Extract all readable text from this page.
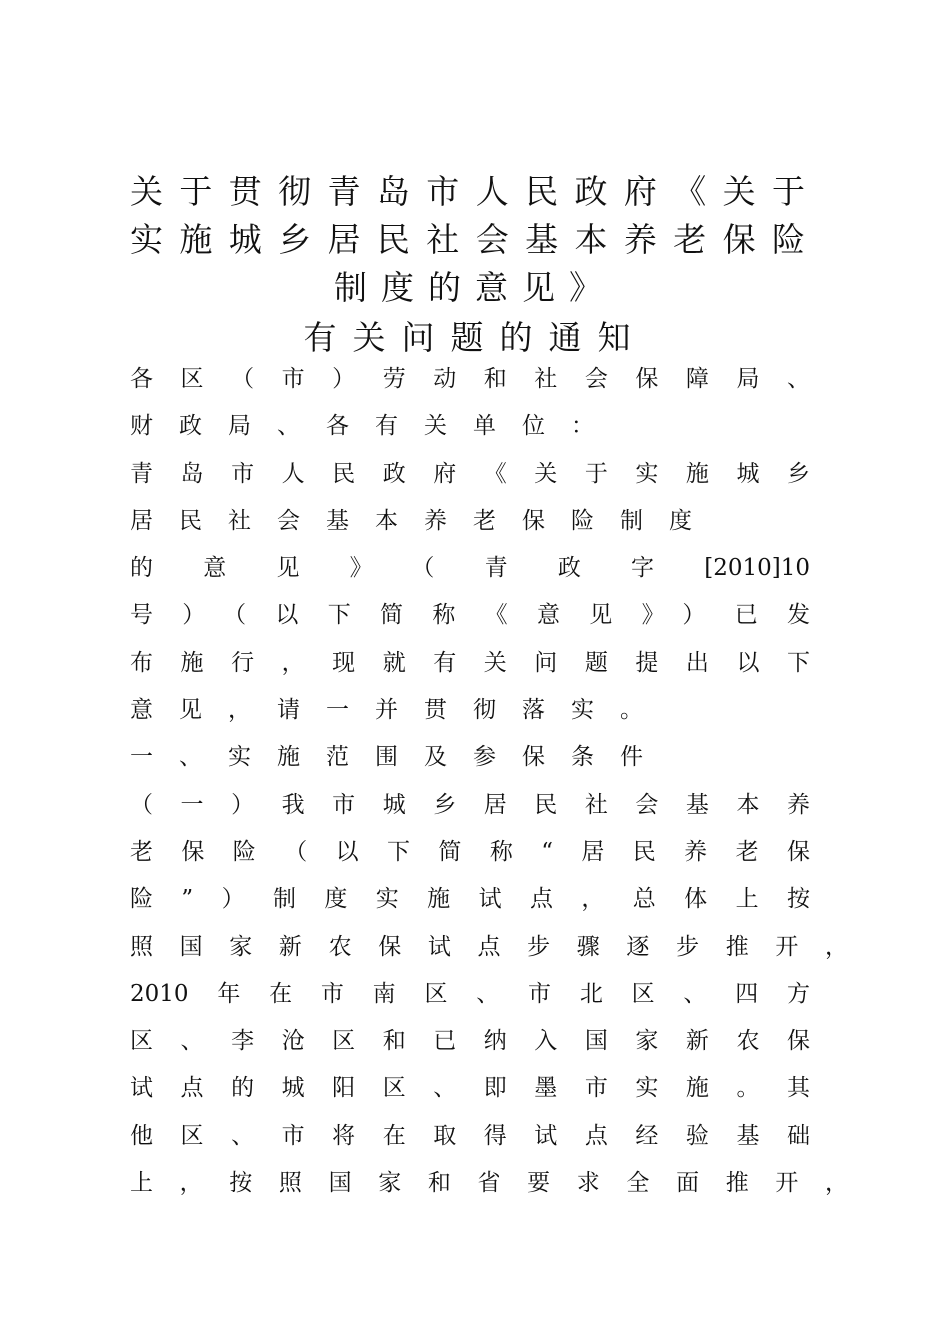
关于贯彻青岛市人民政府《关于
实施城乡居民社会基本养老保险
制度的意见》
有关问题的通知
各区（市）劳动和社会保障局、
财政局、各有关单位：
青岛市人民政府《关于实施城乡
居民社会基本养老保险制度
的意见》（青政字[2010]10
号）（以下简称《意见》）已发
布施行，现就有关问题提出以下
意见，请一并贯彻落实。
一、实施范围及参保条件
（一）我市城乡居民社会基本养
老保险（以下简称“居民养老保
险”）制度实施试点，总体上按
照国家新农保试点步骤逐步推开，
2010年在市南区、市北区、四方
区、李沧区和已纳入国家新农保
试点的城阳区、即墨市实施。其
他区、市将在取得试点经验基础
上，按照国家和省要求全面推开，
